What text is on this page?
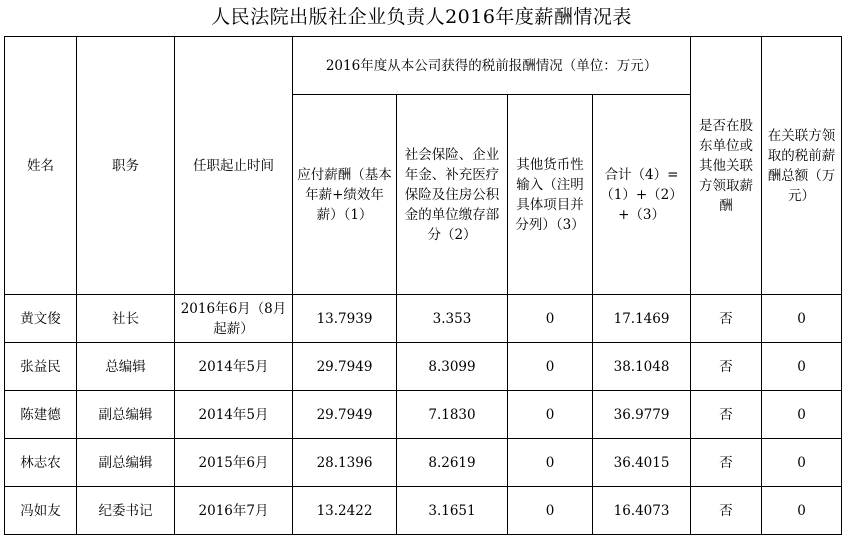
人民法院出版社企业负责人2016年度薪酬情况表
姓名	职务	任职起止时间	2016年度从本公司获得的税前报酬情况（单位：万元）				是否在股东单位或其他关联方领取薪酬	在关联方领取的税前薪酬总额（万元）
			应付薪酬（基本年薪+绩效年薪）（1）	社会保险、企业年金、补充医疗保险及住房公积金的单位缴存部分（2）	其他货币性输入（注明具体项目并分列）（3）	合计（4）=（1）+（2）+（3）		
黄文俊	社长	2016年6月（8月起薪）	13.7939	3.353	0	17.1469	否	0
张益民	总编辑	2014年5月	29.7949	8.3099	0	38.1048	否	0
陈建德	副总编辑	2014年5月	29.7949	7.1830	0	36.9779	否	0
林志农	副总编辑	2015年6月	28.1396	8.2619	0	36.4015	否	0
冯如友	纪委书记	2016年7月	13.2422	3.1651	0	16.4073	否	0
